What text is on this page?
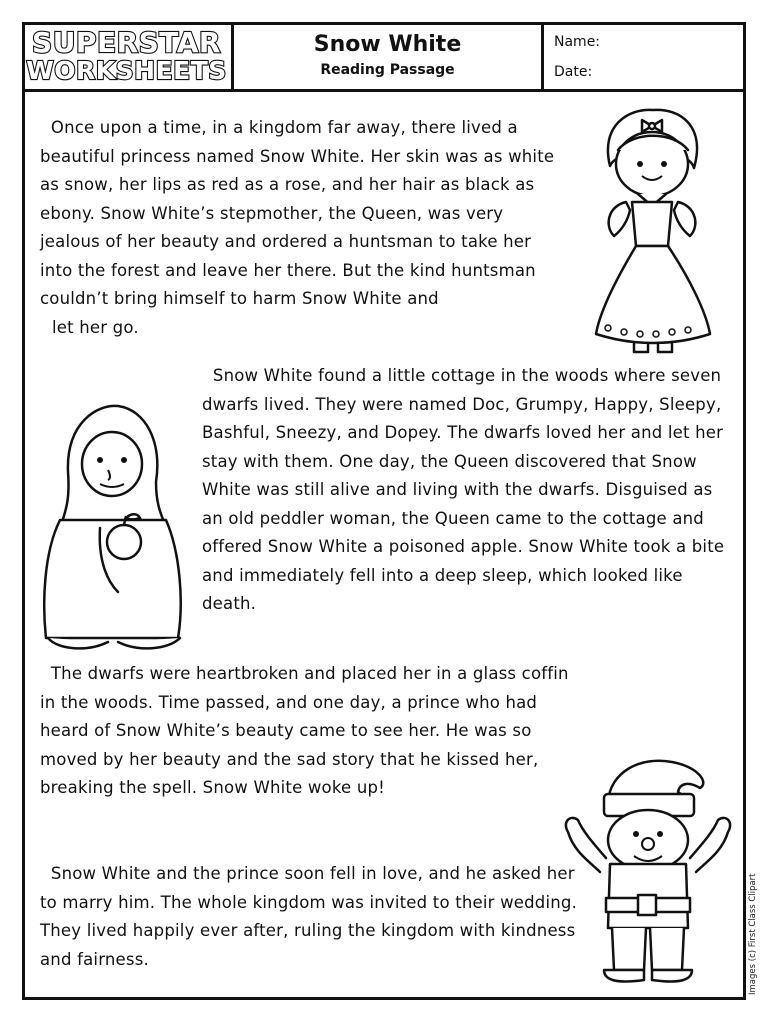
SUPERSTAR
WORKSHEETS
Snow White
Reading Passage
Name:
Date:

Once upon a time, in a kingdom far away, there lived a beautiful princess named Snow White. Her skin was as white as snow, her lips as red as a rose, and her hair as black as ebony. Snow White’s stepmother, the Queen, was very jealous of her beauty and ordered a huntsman to take her into the forest and leave her there. But the kind huntsman couldn’t bring himself to harm Snow White and
let her go.

Snow White found a little cottage in the woods where seven dwarfs lived. They were named Doc, Grumpy, Happy, Sleepy, Bashful, Sneezy, and Dopey. The dwarfs loved her and let her stay with them. One day, the Queen discovered that Snow White was still alive and living with the dwarfs. Disguised as an old peddler woman, the Queen came to the cottage and offered Snow White a poisoned apple. Snow White took a bite and immediately fell into a deep sleep, which looked like death.

The dwarfs were heartbroken and placed her in a glass coffin in the woods. Time passed, and one day, a prince who had heard of Snow White’s beauty came to see her. He was so moved by her beauty and the sad story that he kissed her, breaking the spell. Snow White woke up!

Snow White and the prince soon fell in love, and he asked her to marry him. The whole kingdom was invited to their wedding. They lived happily ever after, ruling the kingdom with kindness and fairness.	Images (c) First Class Clipart
